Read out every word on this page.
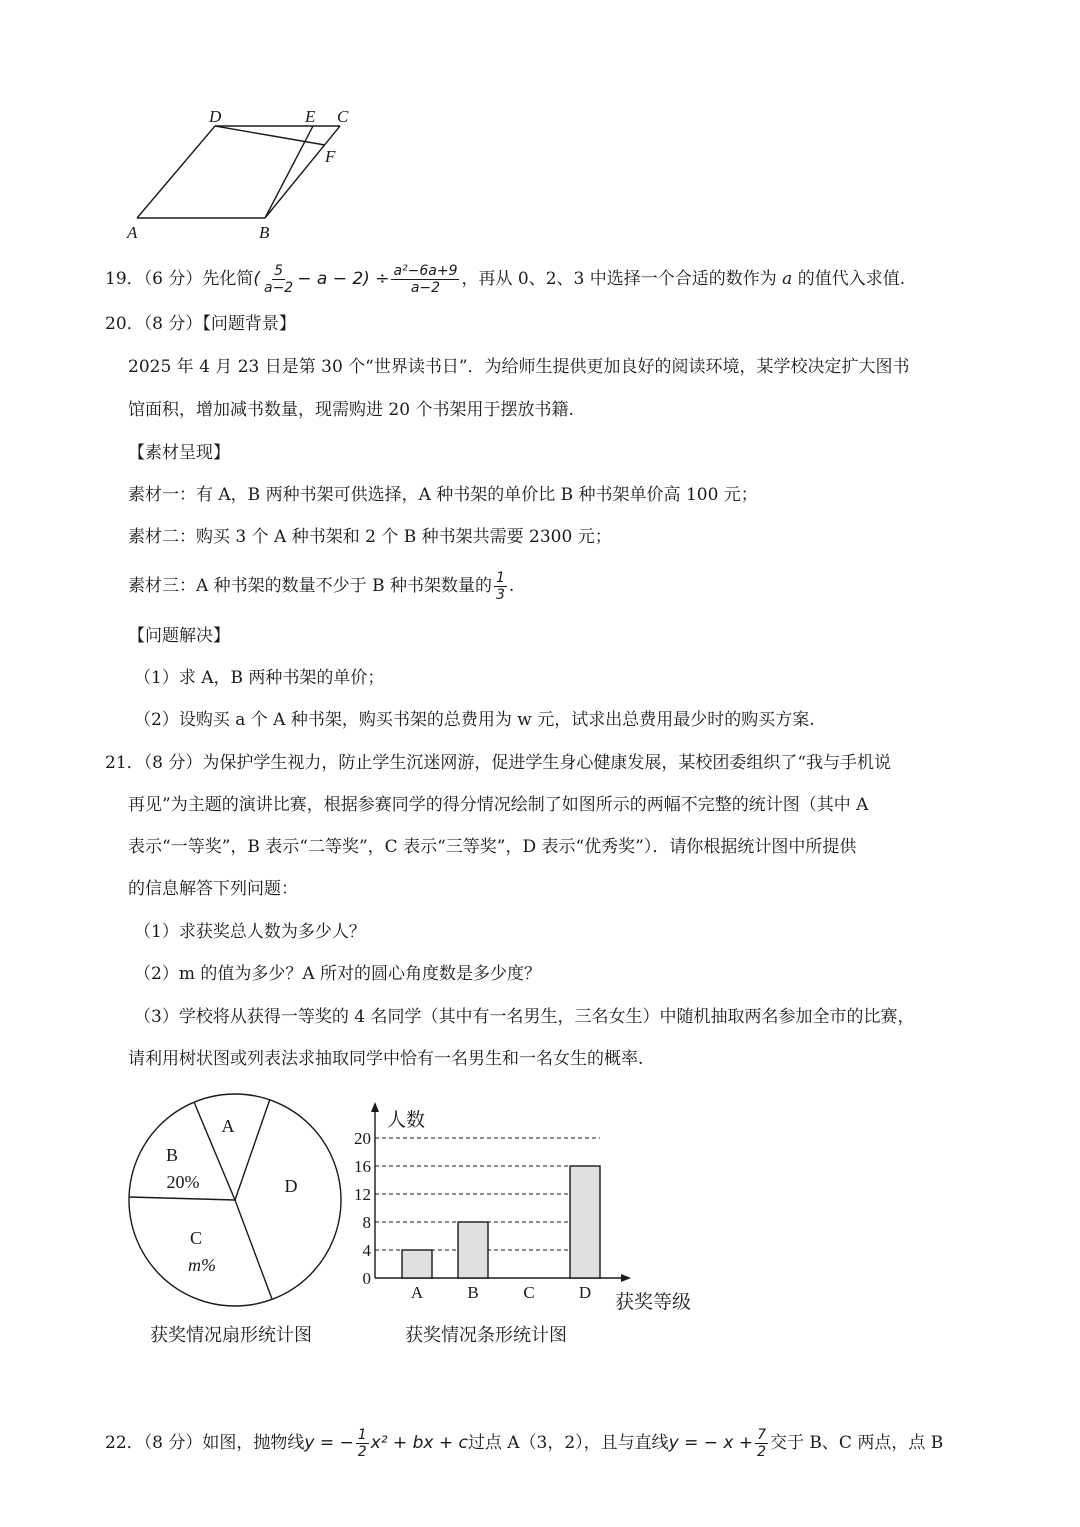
D	E C
F
A	B
19．（6 分）先化简( $\frac{5}{a-2} - a - 2) \div \frac{\text{a²−6a+9}}{a-2}$ ，再从 0、2、3 中选择一个合适的数作为 a 的值代入求值.
20．（8 分）【问题背景】
2025 年 4 月 23 日是第 30 个“世界读书日”．为给师生提供更加良好的阅读环境，某学校决定扩大图书
馆面积，增加减书数量，现需购进 20 个书架用于摆放书籍.
【素材呈现】
素材一：有 A，B 两种书架可供选择，A 种书架的单价比 B 种书架单价高 100 元；
素材二：购买 3 个 A 种书架和 2 个 B 种书架共需要 2300 元；
素材三：A 种书架的数量不少于 B 种书架数量的 $\frac{1}{3}$ .
【问题解决】
（1）求 A，B 两种书架的单价；
（2）设购买 a 个 A 种书架，购买书架的总费用为 w 元，试求出总费用最少时的购买方案.
21．（8 分）为保护学生视力，防止学生沉迷网游，促进学生身心健康发展，某校团委组织了“我与手机说
再见”为主题的演讲比赛，根据参赛同学的得分情况绘制了如图所示的两幅不完整的统计图（其中 A
表示“一等奖”，B 表示“二等奖”，C 表示“三等奖”，D 表示“优秀奖”）．请你根据统计图中所提供
的信息解答下列问题：
（1）求获奖总人数为多少人？
（2）m 的值为多少？A 所对的圆心角度数是多少度？
（3）学校将从获得一等奖的 4 名同学（其中有一名男生，三名女生）中随机抽取两名参加全市的比赛，
请利用树状图或列表法求抽取同学中恰有一名男生和一名女生的概率.
A
B
20%
C
m%
D
获奖情况扇形统计图
0
4
8
12
16
20
人数
获奖等级
A	B	C	D
获奖情况条形统计图
22．（8 分）如图，抛物线y = − $\frac{1}{2} x^2$ + bx + c过点 A（3，2），且与直线y = − $x + \frac{7}{2}$ 交于 B、C 两点，点 B
